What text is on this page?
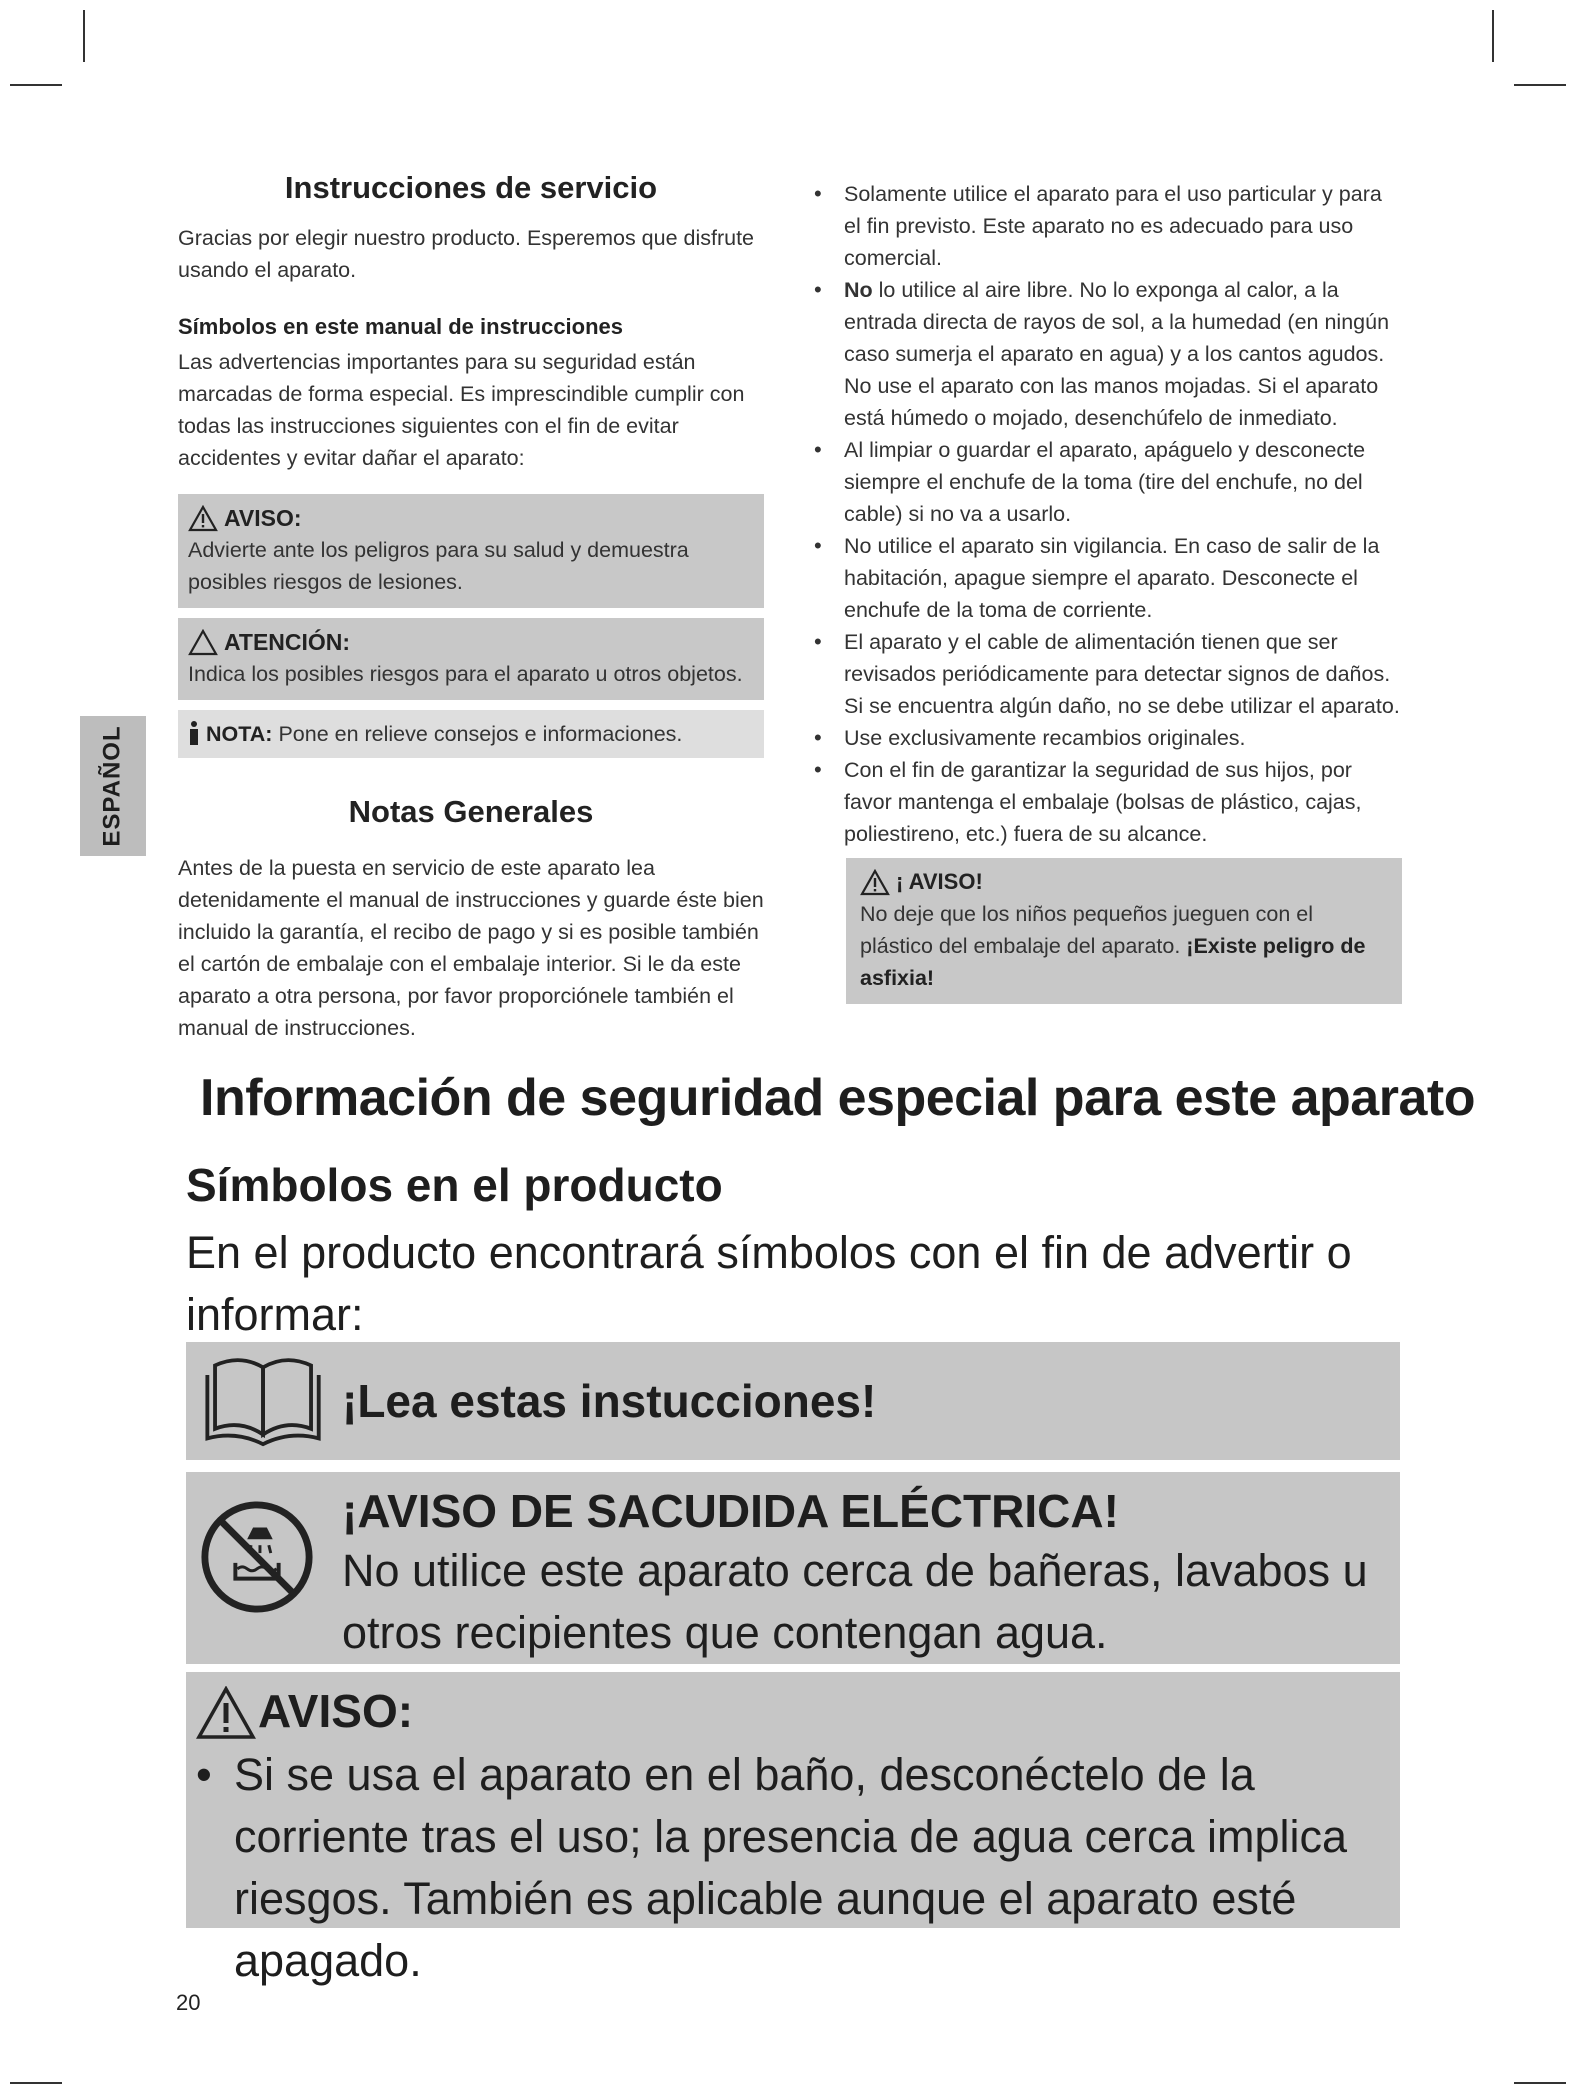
ESPAÑOL
Instrucciones de servicio

Gracias por elegir nuestro producto. Esperemos que disfrute usando el aparato.

Símbolos en este manual de instrucciones

Las advertencias importantes para su seguridad están marcadas de forma especial. Es imprescindible cumplir con todas las instrucciones siguientes con el fin de evitar accidentes y evitar dañar el aparato:

AVISO:
Advierte ante los peligros para su salud y demuestra posibles riesgos de lesiones.
ATENCIÓN:
Indica los posibles riesgos para el aparato u otros objetos.
NOTA: Pone en relieve consejos e informaciones.
Notas Generales

Antes de la puesta en servicio de este aparato lea detenidamente el manual de instrucciones y guarde éste bien incluido la garantía, el recibo de pago y si es posible también el cartón de embalaje con el embalaje interior. Si le da este aparato a otra persona, por favor proporciónele también el manual de instrucciones.

• Solamente utilice el aparato para el uso particular y para el fin previsto. Este aparato no es adecuado para uso comercial.
• No lo utilice al aire libre. No lo exponga al calor, a la entrada directa de rayos de sol, a la humedad (en ningún caso sumerja el aparato en agua) y a los cantos agudos. No use el aparato con las manos mojadas. Si el aparato está húmedo o mojado, desenchúfelo de inmediato.
• Al limpiar o guardar el aparato, apáguelo y desconecte siempre el enchufe de la toma (tire del enchufe, no del cable) si no va a usarlo.
• No utilice el aparato sin vigilancia. En caso de salir de la habitación, apague siempre el aparato. Desconecte el enchufe de la toma de corriente.
• El aparato y el cable de alimentación tienen que ser revisados periódicamente para detectar signos de daños. Si se encuentra algún daño, no se debe utilizar el aparato.
• Use exclusivamente recambios originales.
• Con el fin de garantizar la seguridad de sus hijos, por favor mantenga el embalaje (bolsas de plástico, cajas, poliestireno, etc.) fuera de su alcance.
¡ AVISO!
No deje que los niños pequeños jueguen con el plástico del embalaje del aparato. ¡Existe peligro de asfixia!
Información de seguridad especial para este aparato
Símbolos en el producto
En el producto encontrará símbolos con el fin de advertir o informar:
¡Lea estas instucciones!
¡AVISO DE SACUDIDA ELÉCTRICA!
No utilice este aparato cerca de bañeras, lavabos u otros recipientes que contengan agua.
AVISO:
• Si se usa el aparato en el baño, desconéctelo de la corriente tras el uso; la presencia de agua cerca implica riesgos. También es aplicable aunque el aparato esté apagado.
20
